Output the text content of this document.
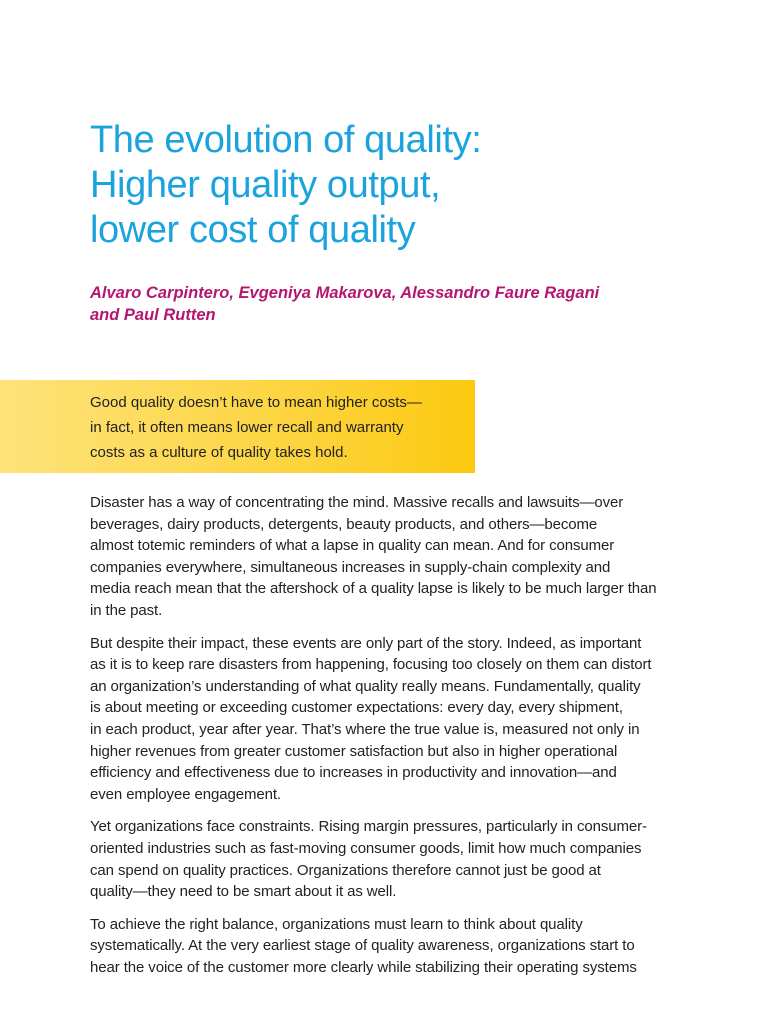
The evolution of quality:
Higher quality output,
lower cost of quality

Alvaro Carpintero, Evgeniya Makarova, Alessandro Faure Ragani
and Paul Rutten

Good quality doesn’t have to mean higher costs—
in fact, it often means lower recall and warranty
costs as a culture of quality takes hold.

Disaster has a way of concentrating the mind. Massive recalls and lawsuits—over
beverages, dairy products, detergents, beauty products, and others—become
almost totemic reminders of what a lapse in quality can mean. And for consumer
companies everywhere, simultaneous increases in supply-chain complexity and
media reach mean that the aftershock of a quality lapse is likely to be much larger than
in the past.

But despite their impact, these events are only part of the story. Indeed, as important
as it is to keep rare disasters from happening, focusing too closely on them can distort
an organization’s understanding of what quality really means. Fundamentally, quality
is about meeting or exceeding customer expectations: every day, every shipment,
in each product, year after year. That’s where the true value is, measured not only in
higher revenues from greater customer satisfaction but also in higher operational
efficiency and effectiveness due to increases in productivity and innovation—and
even employee engagement.

Yet organizations face constraints. Rising margin pressures, particularly in consumer-
oriented industries such as fast-moving consumer goods, limit how much companies
can spend on quality practices. Organizations therefore cannot just be good at
quality—they need to be smart about it as well.

To achieve the right balance, organizations must learn to think about quality
systematically. At the very earliest stage of quality awareness, organizations start to
hear the voice of the customer more clearly while stabilizing their operating systems
